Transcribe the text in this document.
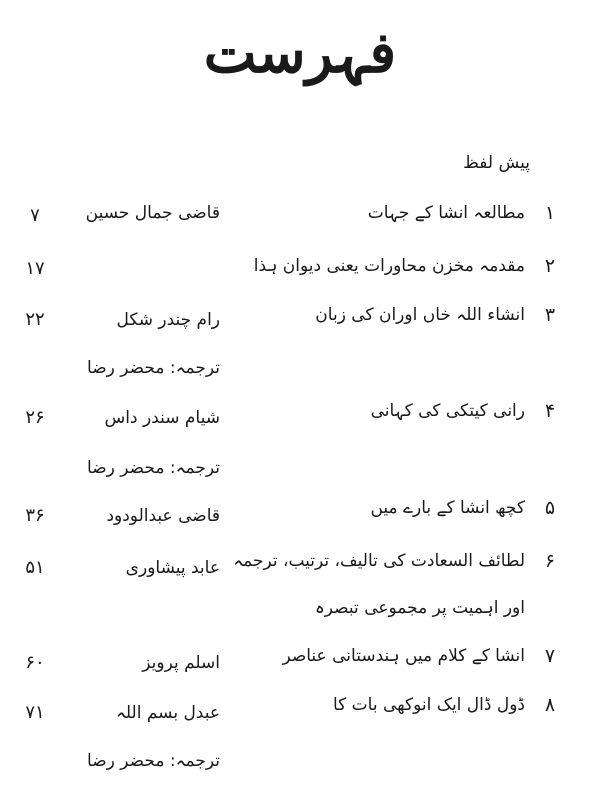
فہرست
پیش لفظ
۱
مطالعہ انشا کے جہات
قاضی جمال حسین
۷
۲
مقدمہ مخزن محاورات یعنی دیوان ہذا
۱۷
۳
انشاء اللہ خاں اوران کی زبان
رام چندر شکل
۲۲
ترجمہ: محضر رضا
۴
رانی کیتکی کی کہانی
شیام سندر داس
۲۶
ترجمہ: محضر رضا
۵
کچھ انشا کے بارے میں
قاضی عبدالودود
۳۶
۶
لطائف السعادت کی تالیف، ترتیب، ترجمہ
عابد پیشاوری
۵۱
اور اہمیت پر مجموعی تبصرہ
۷
انشا کے کلام میں ہندستانی عناصر
اسلم پرویز
۶۰
۸
ڈول ڈال ایک انوکھی بات کا
عبدل بسم اللہ
۷۱
ترجمہ: محضر رضا
